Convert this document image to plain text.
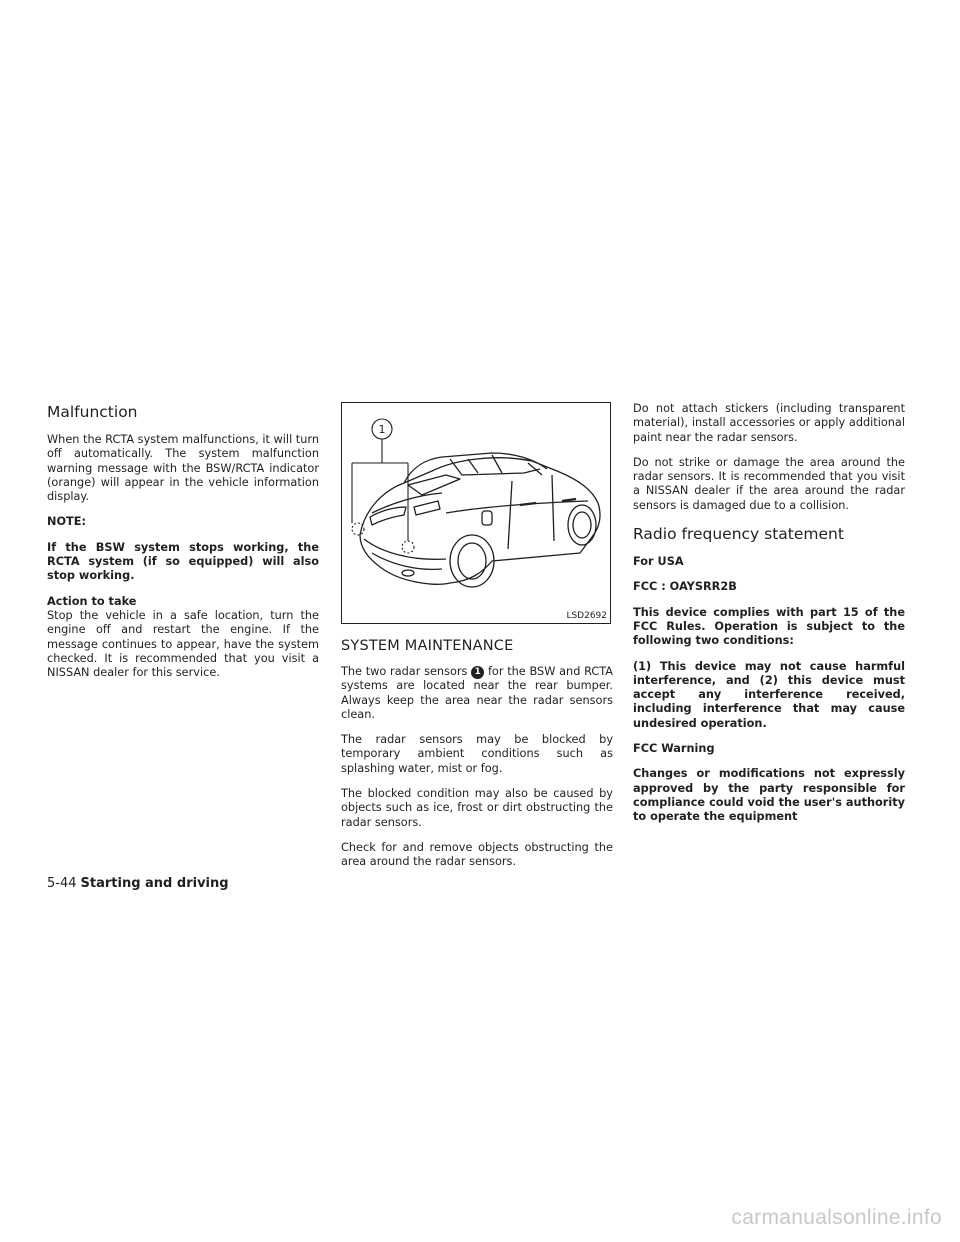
Malfunction

When the RCTA system malfunctions, it will turn off automatically. The system malfunction warning message with the BSW/RCTA indicator (orange) will appear in the vehicle information display.

NOTE:

If the BSW system stops working, the RCTA system (if so equipped) will also stop working.

Action to take

Stop the vehicle in a safe location, turn the engine off and restart the engine. If the message continues to appear, have the system checked. It is recommended that you visit a NISSAN dealer for this service.

1
LSD2692
SYSTEM MAINTENANCE

The two radar sensors 1 for the BSW and RCTA systems are located near the rear bumper. Always keep the area near the radar sensors clean.

The radar sensors may be blocked by temporary ambient conditions such as splashing water, mist or fog.

The blocked condition may also be caused by objects such as ice, frost or dirt obstructing the radar sensors.

Check for and remove objects obstructing the area around the radar sensors.

Do not attach stickers (including transparent material), install accessories or apply additional paint near the radar sensors.

Do not strike or damage the area around the radar sensors. It is recommended that you visit a NISSAN dealer if the area around the radar sensors is damaged due to a collision.

Radio frequency statement

For USA

FCC : OAYSRR2B

This device complies with part 15 of the FCC Rules. Operation is subject to the following two conditions:

(1) This device may not cause harmful interference, and (2) this device must accept any interference received, including interference that may cause undesired operation.

FCC Warning

Changes or modifications not expressly approved by the party responsible for compliance could void the user's authority to operate the equipment

5-44 Starting and driving
carmanualsonline.info
